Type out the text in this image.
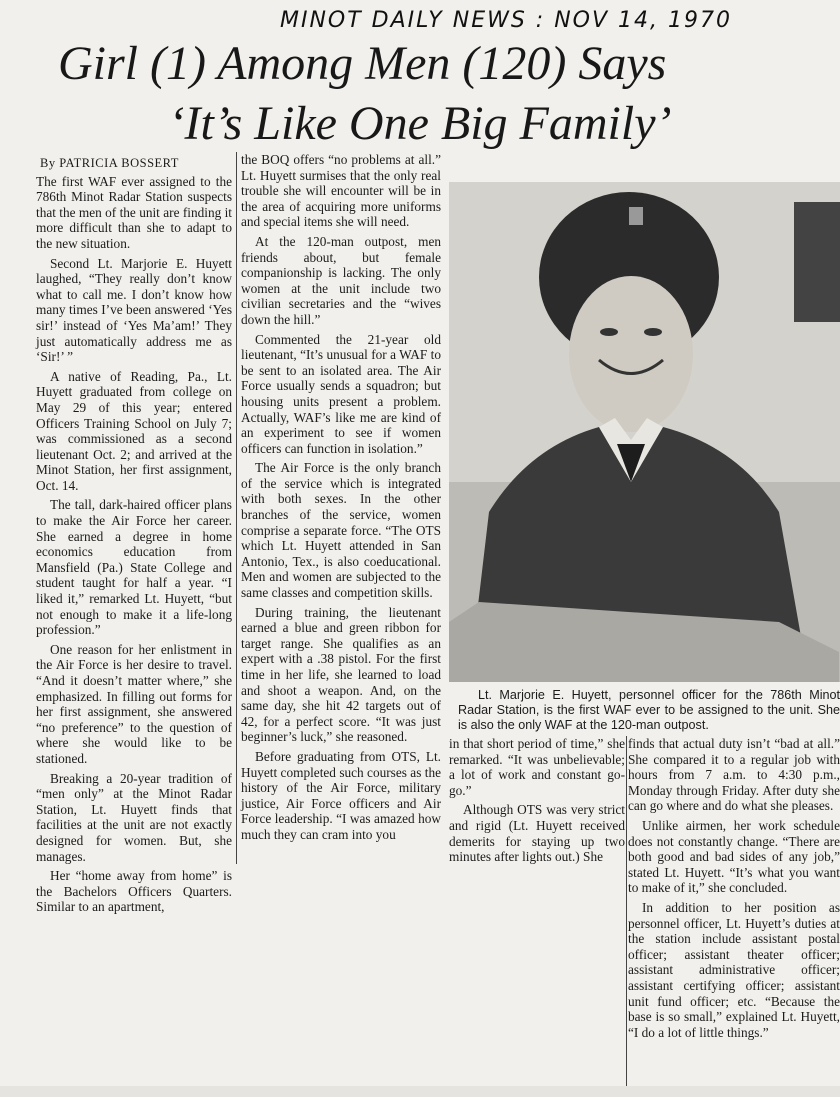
MINOT DAILY NEWS : NOV 14, 1970
Girl (1) Among Men (120) Says
‘It’s Like One Big Family’
By PATRICIA BOSSERT

The first WAF ever assigned to the 786th Minot Radar Station suspects that the men of the unit are finding it more difficult than she to adapt to the new situation.

Second Lt. Marjorie E. Huyett laughed, “They really don’t know what to call me. I don’t know how many times I’ve been answered ‘Yes sir!’ instead of ‘Yes Ma’am!’ They just automatically address me as ‘Sir!’ ”

A native of Reading, Pa., Lt. Huyett graduated from college on May 29 of this year; entered Officers Training School on July 7; was commissioned as a second lieutenant Oct. 2; and arrived at the Minot Station, her first assignment, Oct. 14.

The tall, dark-haired officer plans to make the Air Force her career. She earned a degree in home economics education from Mansfield (Pa.) State College and student taught for half a year. “I liked it,” remarked Lt. Huyett, “but not enough to make it a life-long profession.”

One reason for her enlistment in the Air Force is her desire to travel. “And it doesn’t matter where,” she emphasized. In filling out forms for her first assignment, she answered “no preference” to the question of where she would like to be stationed.

Breaking a 20-year tradition of “men only” at the Minot Radar Station, Lt. Huyett finds that facilities at the unit are not exactly designed for women. But, she manages.

Her “home away from home” is the Bachelors Officers Quarters. Similar to an apartment,

the BOQ offers “no problems at all.” Lt. Huyett surmises that the only real trouble she will encounter will be in the area of acquiring more uniforms and special items she will need.

At the 120-man outpost, men friends about, but female companionship is lacking. The only women at the unit include two civilian secretaries and the “wives down the hill.”

Commented the 21-year old lieutenant, “It’s unusual for a WAF to be sent to an isolated area. The Air Force usually sends a squadron; but housing units present a problem. Actually, WAF’s like me are kind of an experiment to see if women officers can function in isolation.”

The Air Force is the only branch of the service which is integrated with both sexes. In the other branches of the service, women comprise a separate force. “The OTS which Lt. Huyett attended in San Antonio, Tex., is also coeducational. Men and women are subjected to the same classes and competition skills.

During training, the lieutenant earned a blue and green ribbon for target range. She qualifies as an expert with a .38 pistol. For the first time in her life, she learned to load and shoot a weapon. And, on the same day, she hit 42 targets out of 42, for a perfect score. “It was just beginner’s luck,” she reasoned.

Before graduating from OTS, Lt. Huyett completed such courses as the history of the Air Force, military justice, Air Force officers and Air Force leadership. “I was amazed how much they can cram into you

Lt. Marjorie E. Huyett, personnel officer for the 786th Minot Radar Station, is the first WAF ever to be assigned to the unit. She is also the only WAF at the 120-man outpost.

in that short period of time,” she remarked. “It was unbelievable; a lot of work and constant go-go.”

Although OTS was very strict and rigid (Lt. Huyett received demerits for staying up two minutes after lights out.) She

finds that actual duty isn’t “bad at all.” She compared it to a regular job with hours from 7 a.m. to 4:30 p.m., Monday through Friday. After duty she can go where and do what she pleases.

Unlike airmen, her work schedule does not constantly change. “There are both good and bad sides of any job,” stated Lt. Huyett. “It’s what you want to make of it,” she concluded.

In addition to her position as personnel officer, Lt. Huyett’s duties at the station include assistant postal officer; assistant theater officer; assistant administrative officer; assistant certifying officer; assistant unit fund officer; etc. “Because the base is so small,” explained Lt. Huyett, “I do a lot of little things.”
